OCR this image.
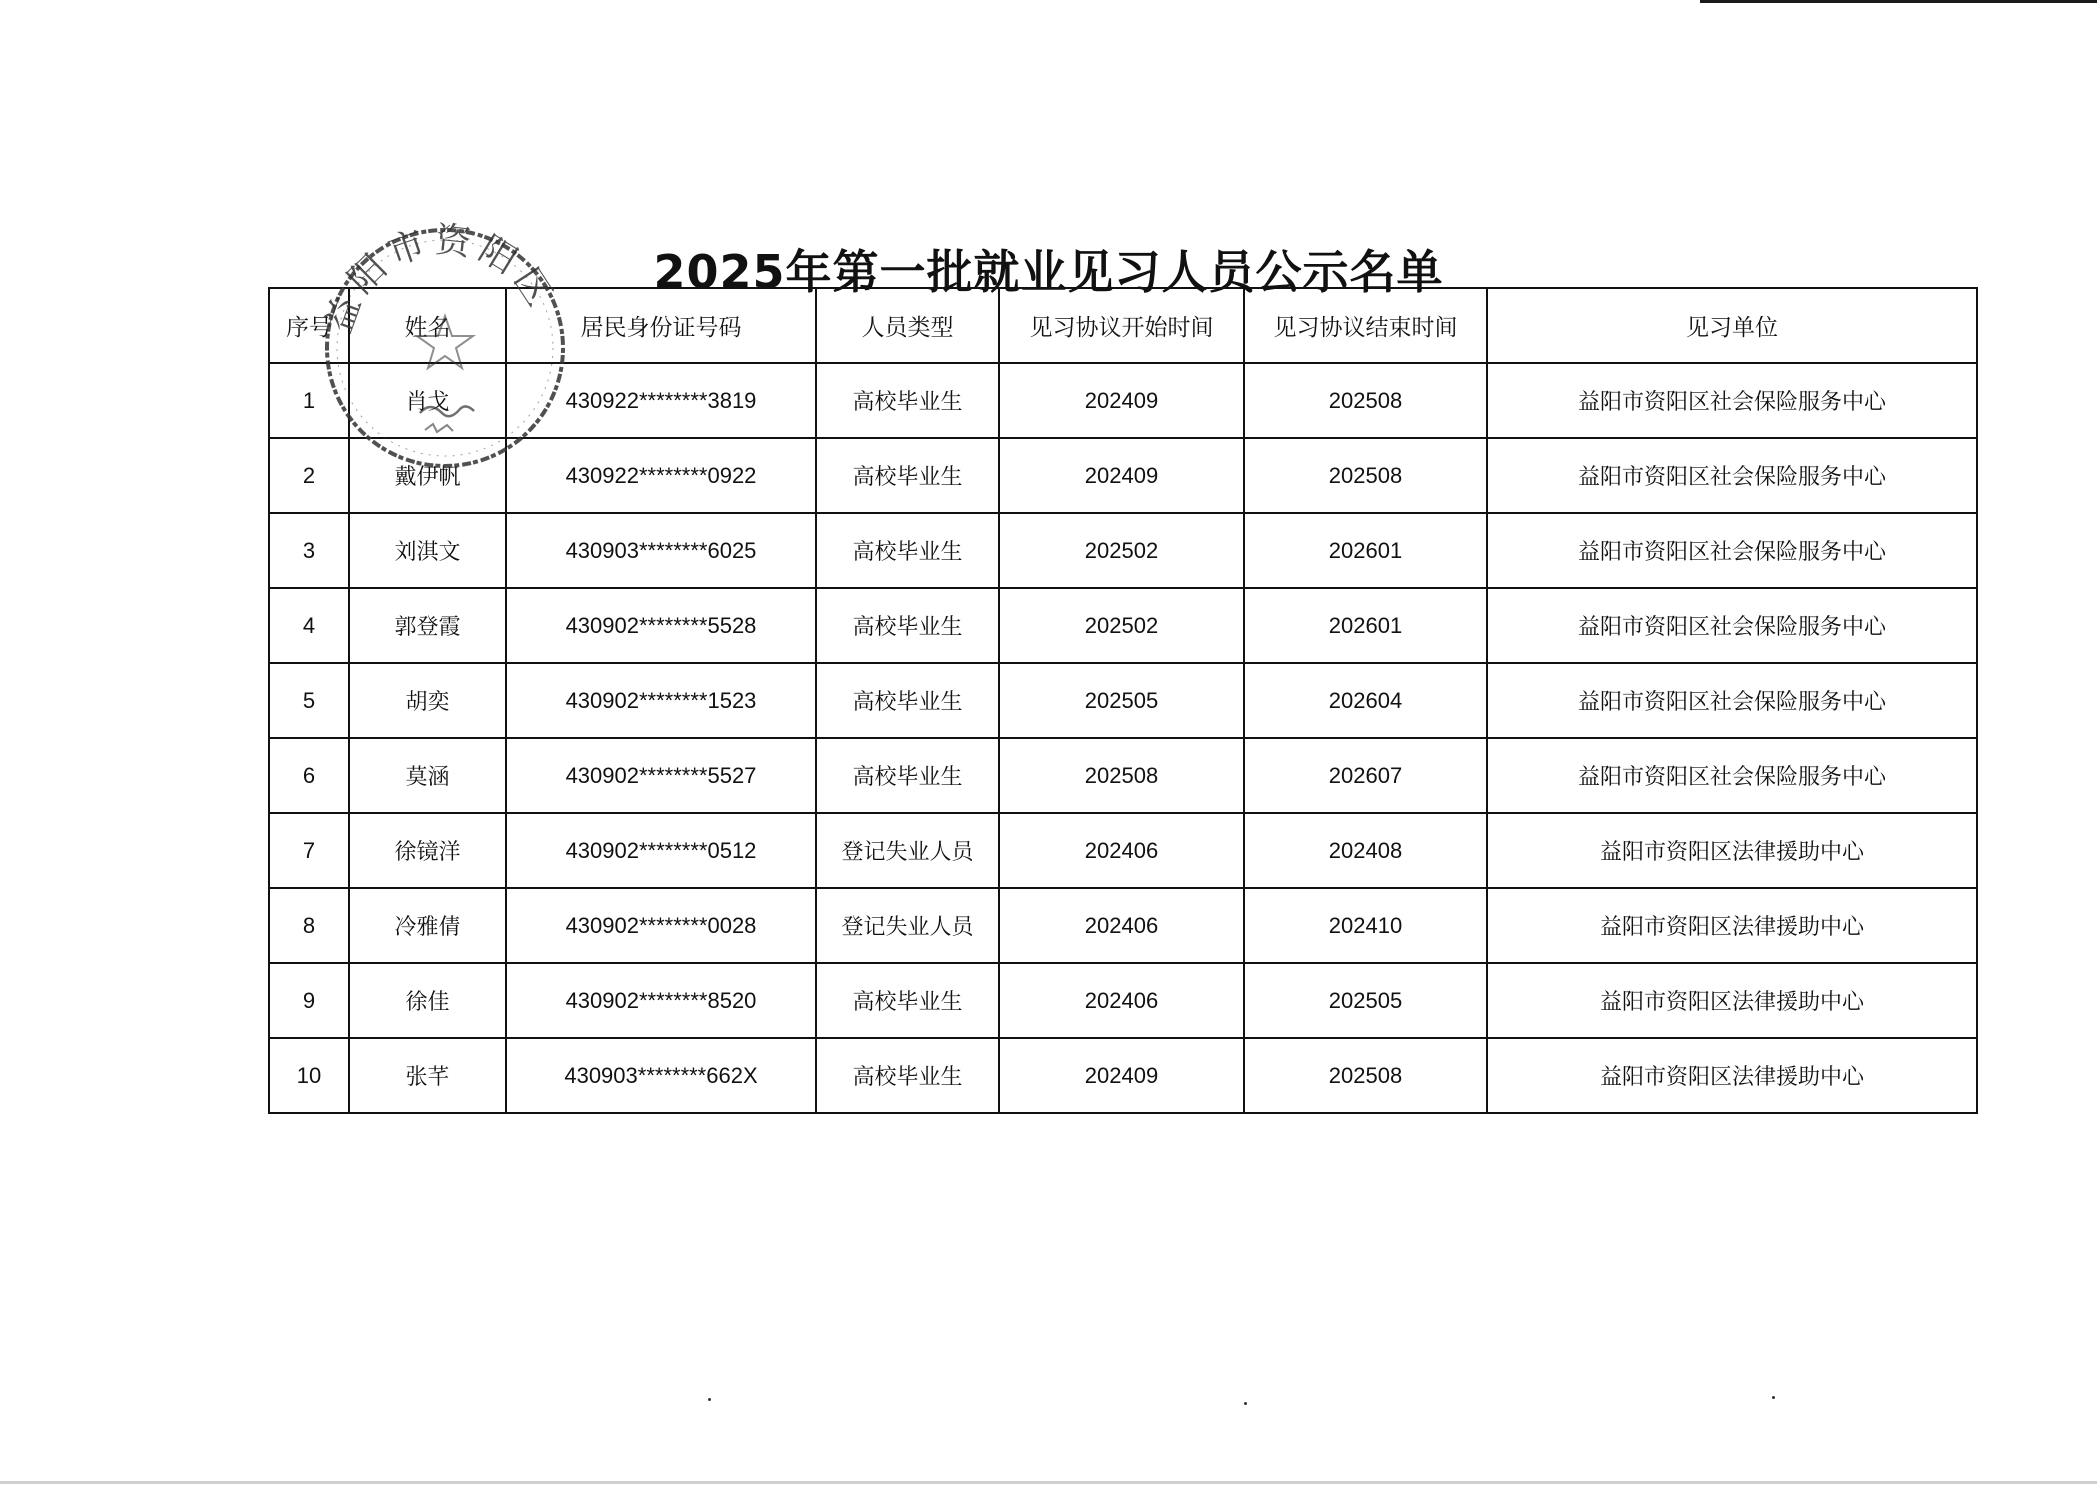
2025年第一批就业见习人员公示名单
序号	姓名	居民身份证号码	人员类型	见习协议开始时间	见习协议结束时间	见习单位
1	肖戈	430922********3819	高校毕业生	202409	202508	益阳市资阳区社会保险服务中心
2	戴伊帆	430922********0922	高校毕业生	202409	202508	益阳市资阳区社会保险服务中心
3	刘淇文	430903********6025	高校毕业生	202502	202601	益阳市资阳区社会保险服务中心
4	郭登霞	430902********5528	高校毕业生	202502	202601	益阳市资阳区社会保险服务中心
5	胡奕	430902********1523	高校毕业生	202505	202604	益阳市资阳区社会保险服务中心
6	莫涵	430902********5527	高校毕业生	202508	202607	益阳市资阳区社会保险服务中心
7	徐镜洋	430902********0512	登记失业人员	202406	202408	益阳市资阳区法律援助中心
8	冷雅倩	430902********0028	登记失业人员	202406	202410	益阳市资阳区法律援助中心
9	徐佳	430902********8520	高校毕业生	202406	202505	益阳市资阳区法律援助中心
10	张芊	430903********662X	高校毕业生	202409	202508	益阳市资阳区法律援助中心
益阳市资阳区
